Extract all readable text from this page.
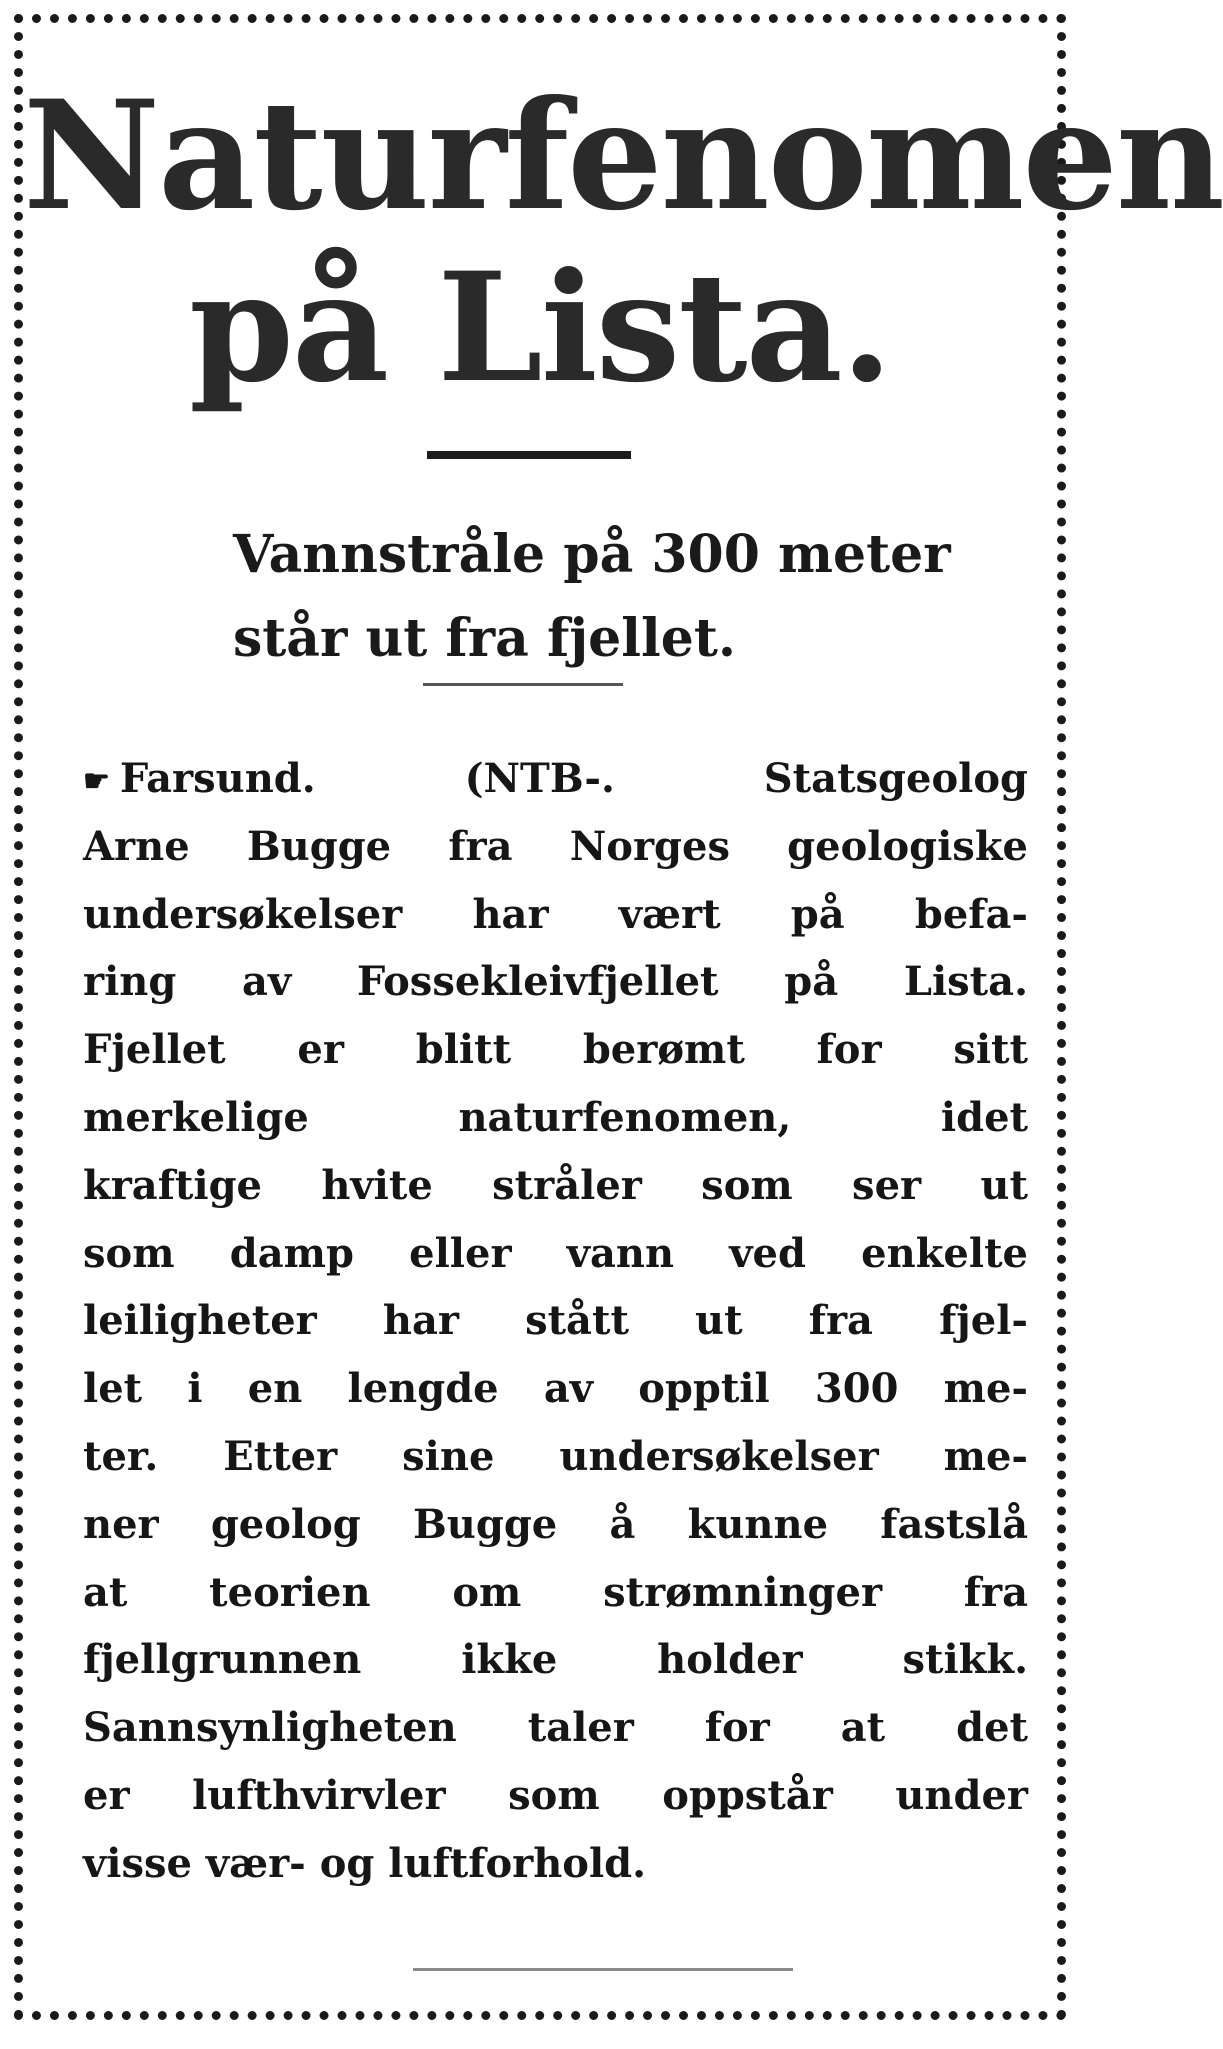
Naturfenomen
på Lista.
Vannstråle på 300 meter
står ut fra fjellet.
☛ Farsund.	(NTB-.	Statsgeolog
Arne Bugge fra Norges geologiske
undersøkelser har vært på befa-
ring av Fossekleivfjellet på Lista.
Fjellet er blitt berømt for sitt
merkelige naturfenomen, idet
kraftige hvite stråler som ser ut
som damp eller vann ved enkelte
leiligheter har stått ut fra fjel-
let i en lengde av opptil 300 me-
ter. Etter sine undersøkelser me-
ner geolog Bugge å kunne fastslå
at teorien om strømninger fra
fjellgrunnen ikke holder stikk.
Sannsynligheten taler for at det
er lufthvirvler som oppstår under
visse vær- og luftforhold.
